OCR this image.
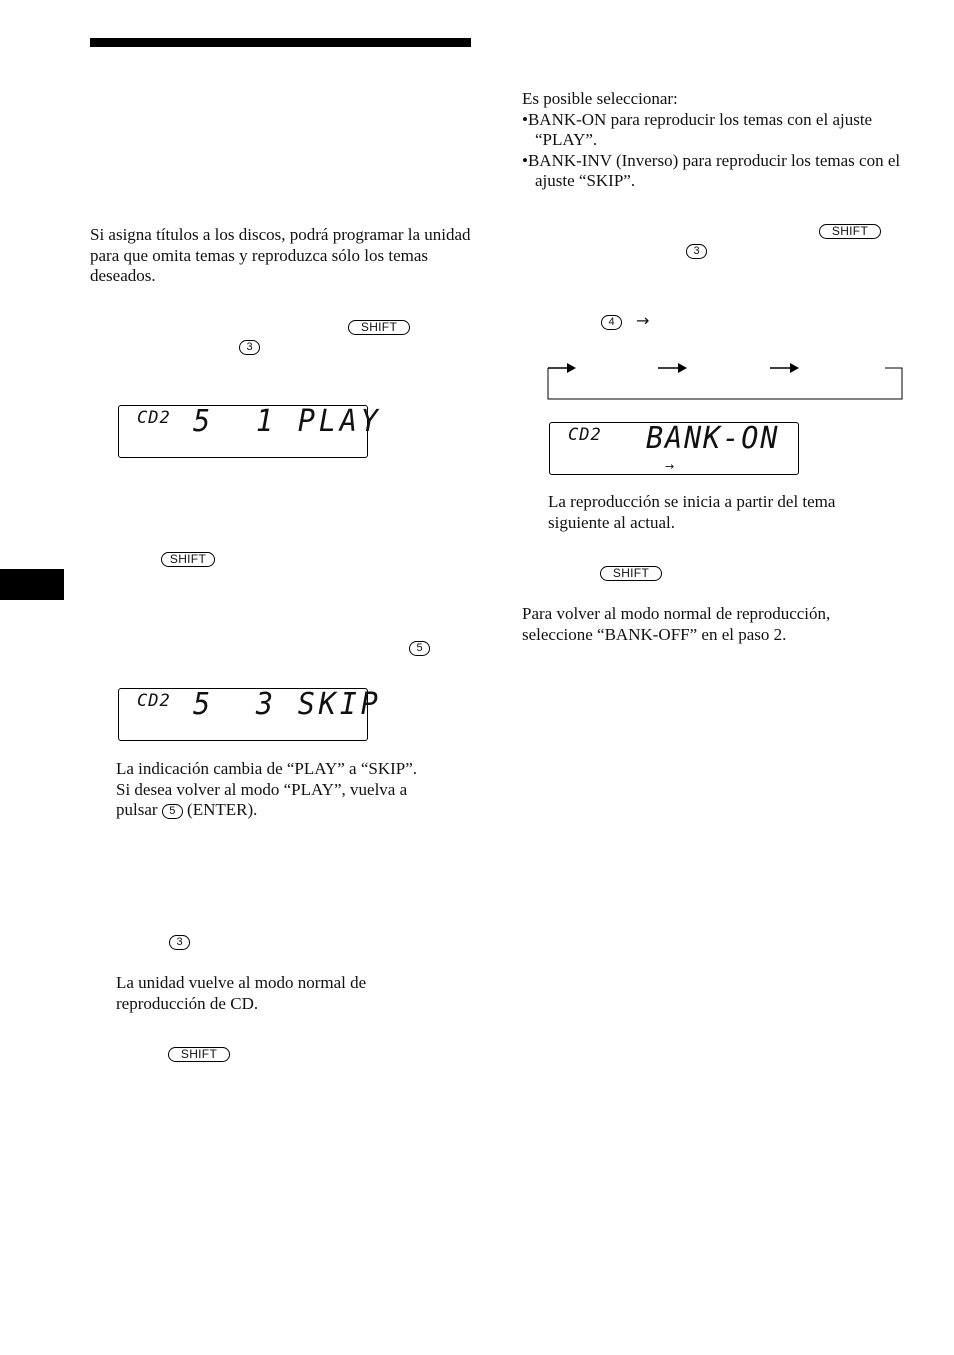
Si asigna títulos a los discos, podrá programar la unidad para que omita temas y reproduzca sólo los temas deseados.

SHIFT
3
CD2 5  1 PLAY
SHIFT
5
CD2 5  3 SKIP

La indicación cambia de “PLAY” a “SKIP”.

Si desea volver al modo “PLAY”, vuelva a

pulsar 5 (ENTER).

3

La unidad vuelve al modo normal de reproducción de CD.

SHIFT

Es posible seleccionar:

•BANK-ON para reproducir los temas con el ajuste “PLAY”.
•BANK-INV (Inverso) para reproducir los temas con el ajuste “SKIP”.
SHIFT
3
4	→
CD2 BANK-ON
→

La reproducción se inicia a partir del tema siguiente al actual.

SHIFT

Para volver al modo normal de reproducción, seleccione “BANK-OFF” en el paso 2.
